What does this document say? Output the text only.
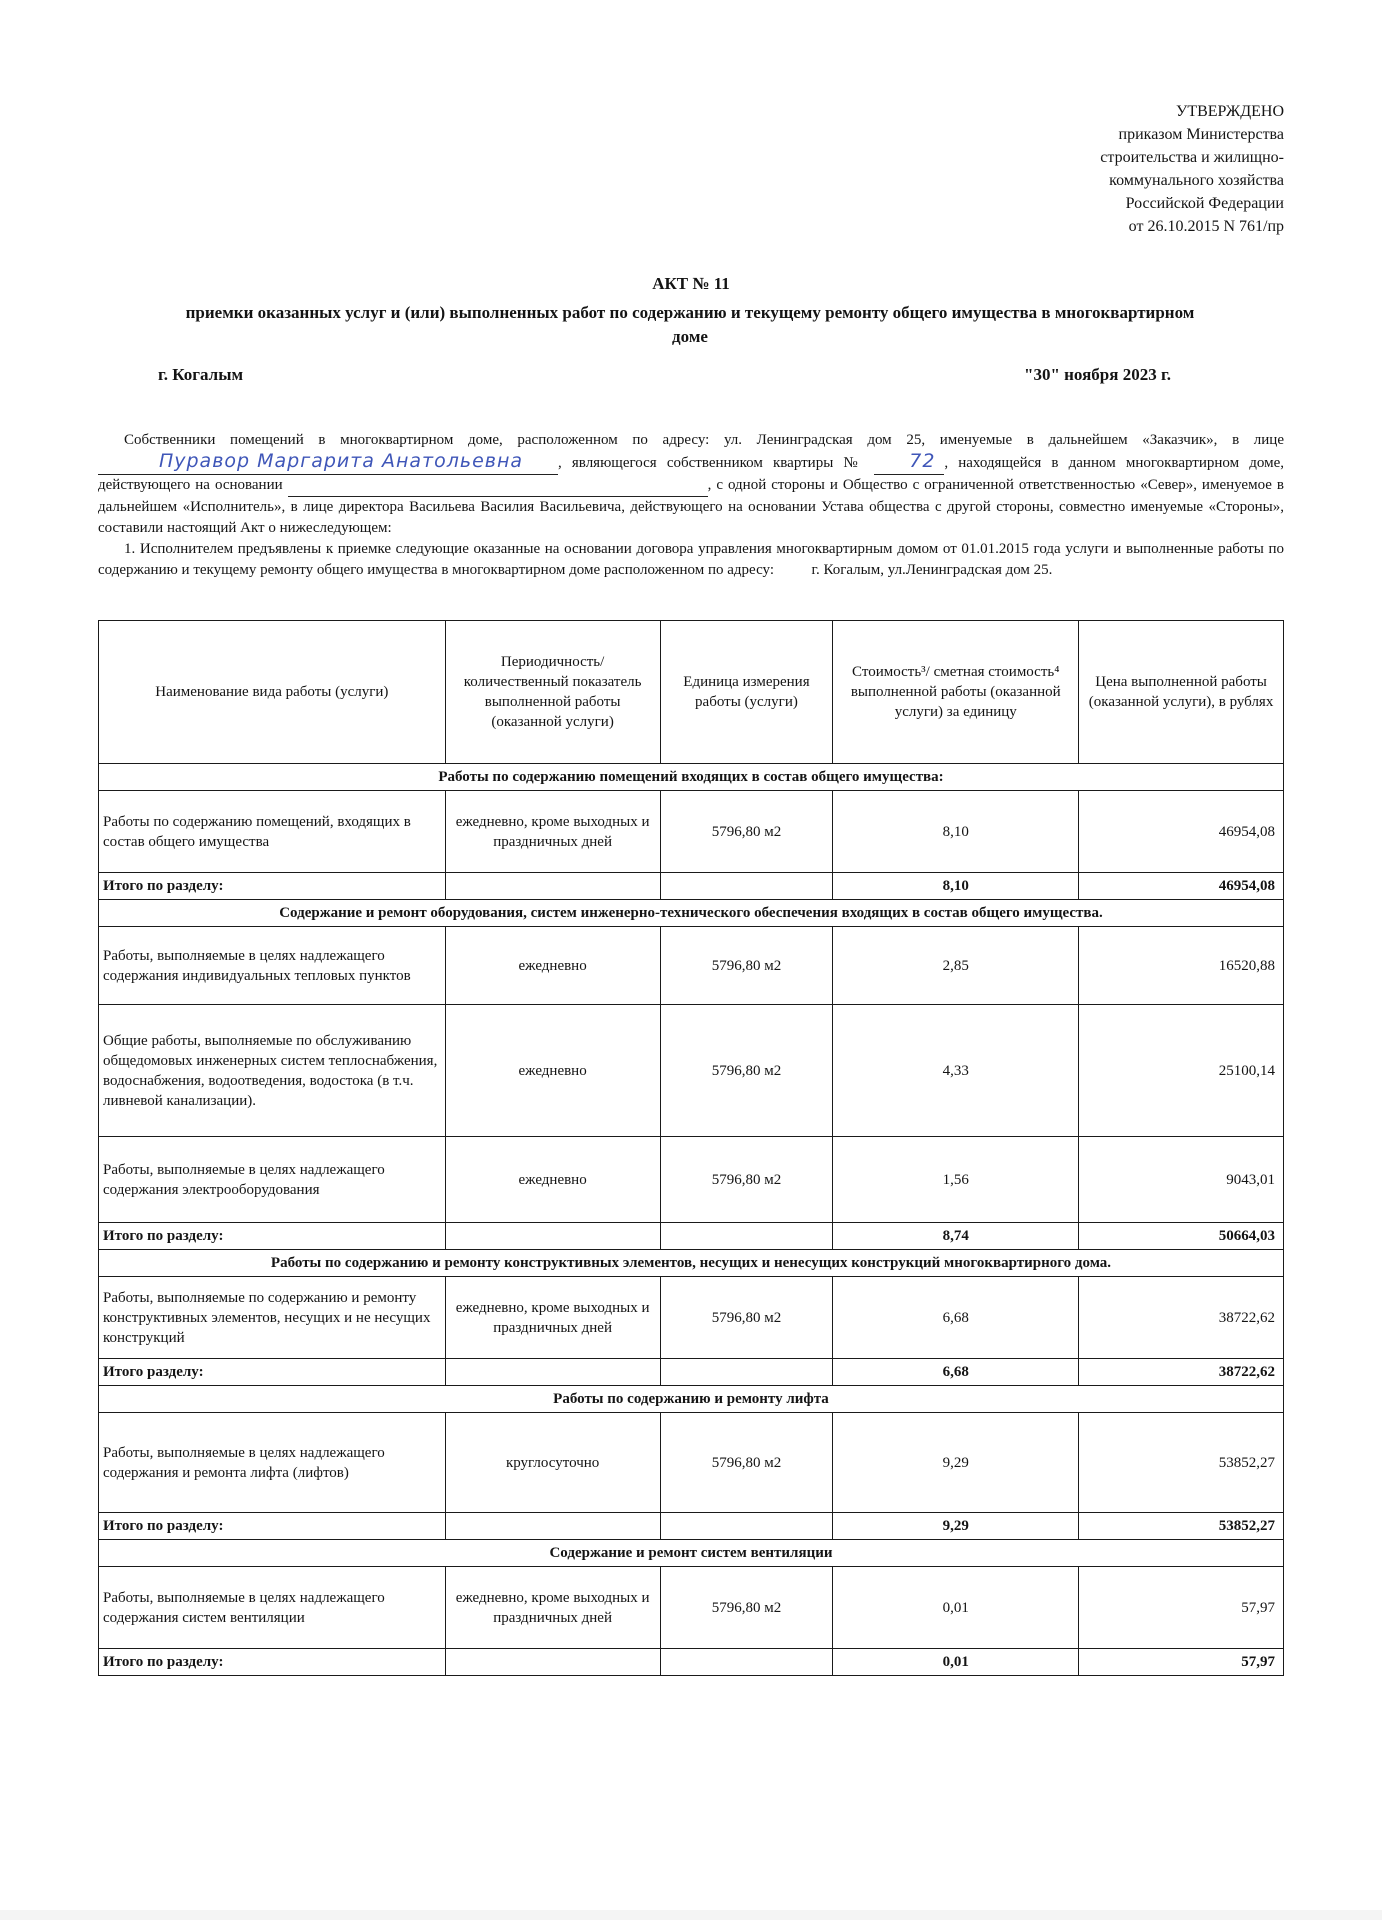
УТВЕРЖДЕНО
приказом Министерства
строительства и жилищно-
коммунального хозяйства
Российской Федерации
от 26.10.2015 N 761/пр
АКТ № 11
приемки оказанных услуг и (или) выполненных работ по содержанию и текущему ремонту общего имущества в многоквартирном доме
г. Когалым	"30" ноября 2023 г.

Собственники помещений в многоквартирном доме, расположенном по адресу: ул. Ленинградская дом 25, именуемые в дальнейшем «Заказчик», в лице Пуравор Маргарита Анатольевна , являющегося собственником квартиры № 72 , находящейся в данном многоквартирном доме, действующего на основании	, с одной стороны и Обществo с ограниченной ответственностью «Север», именуемое в дальнейшем «Исполнитель», в лице директора Васильева Василия Васильевича, действующего на основании Устава общества с другой стороны, совместно именуемые «Стороны», составили настоящий Акт о нижеследующем:

1. Исполнителем предъявлены к приемке следующие оказанные на основании договора управления многоквартирным домом от 01.01.2015 года услуги и выполненные работы по содержанию и текущему ремонту общего имущества в многоквартирном доме расположенном по адресу:          г. Когалым, ул.Ленинградская дом 25.

Наименование вида работы (услуги)	Периодичность/ количественный показатель выполненной работы (оказанной услуги)	Единица измерения работы (услуги)	Стоимость³/ сметная стоимость⁴ выполненной работы (оказанной услуги) за единицу	Цена выполненной работы (оказанной услуги), в рублях
Работы по содержанию помещений входящих в состав общего имущества:				
Работы по содержанию помещений, входящих в состав общего имущества	ежедневно, кроме выходных и праздничных дней	5796,80 м2	8,10	46954,08
Итого по разделу:			8,10	46954,08
Содержание и ремонт оборудования, систем инженерно-технического обеспечения входящих в состав общего имущества.				
Работы, выполняемые в целях надлежащего содержания индивидуальных тепловых пунктов	ежедневно	5796,80 м2	2,85	16520,88
Общие работы, выполняемые по обслуживанию общедомовых инженерных систем теплоснабжения, водоснабжения, водоотведения, водостока (в т.ч. ливневой канализации).	ежедневно	5796,80 м2	4,33	25100,14
Работы, выполняемые в целях надлежащего содержания электрооборудования	ежедневно	5796,80 м2	1,56	9043,01
Итого по разделу:			8,74	50664,03
Работы по содержанию и ремонту конструктивных элементов, несущих и ненесущих конструкций многоквартирного дома.				
Работы, выполняемые по содержанию и ремонту конструктивных элементов, несущих и не несущих конструкций	ежедневно, кроме выходных и праздничных дней	5796,80 м2	6,68	38722,62
Итого разделу:			6,68	38722,62
Работы по содержанию и ремонту лифта				
Работы, выполняемые в целях надлежащего содержания и ремонта лифта (лифтов)	круглосуточно	5796,80 м2	9,29	53852,27
Итого по разделу:			9,29	53852,27
Содержание и ремонт систем вентиляции				
Работы, выполняемые в целях надлежащего содержания систем вентиляции	ежедневно, кроме выходных и праздничных дней	5796,80 м2	0,01	57,97
Итого по разделу:			0,01	57,97
